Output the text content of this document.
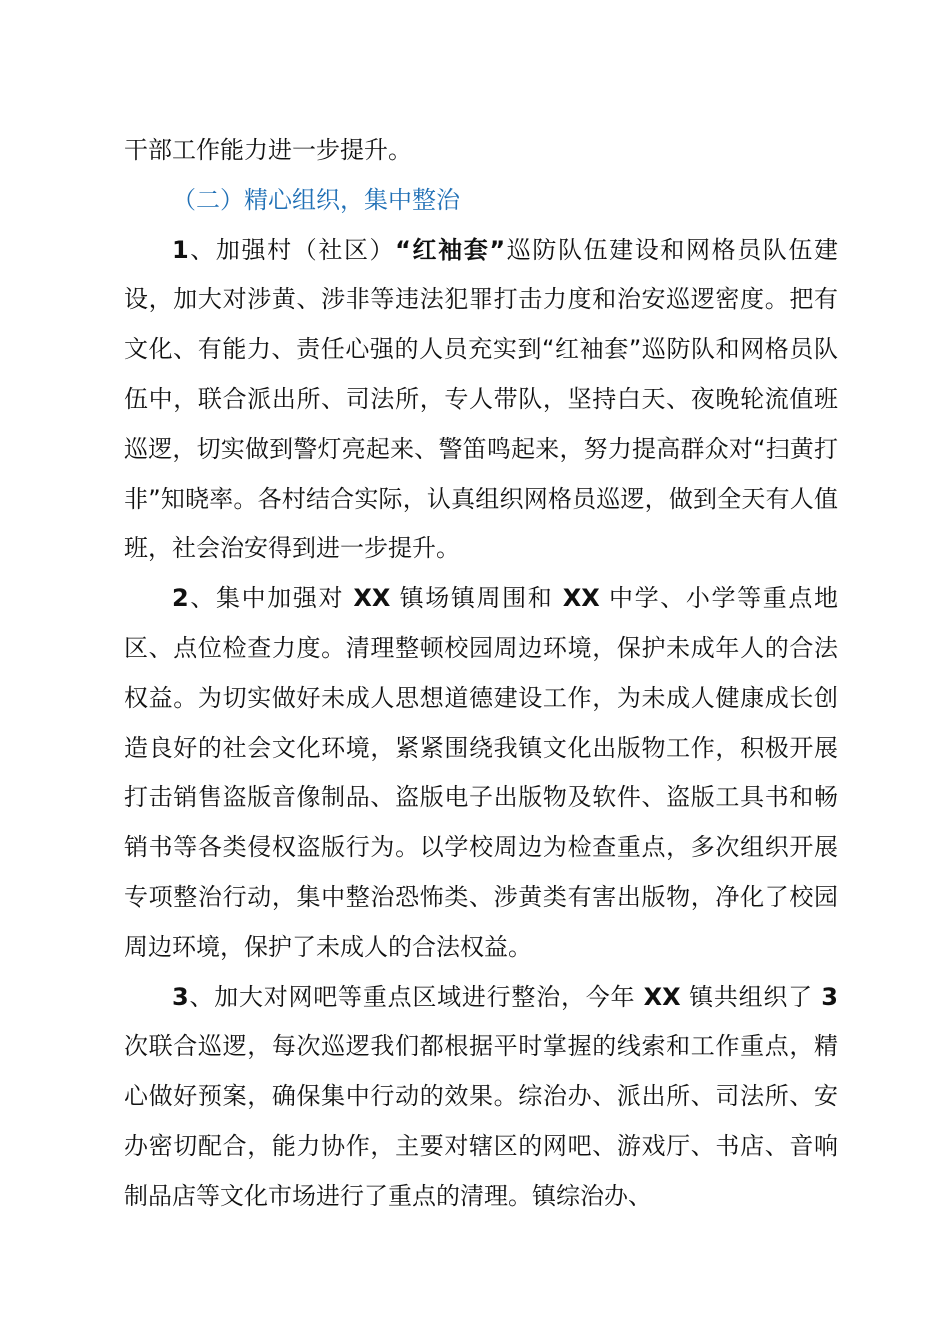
干部工作能力进一步提升。

（二）精心组织，集中整治

1、加强村（社区）“红袖套”巡防队伍建设和网格员队伍建设，加大对涉黄、涉非等违法犯罪打击力度和治安巡逻密度。把有文化、有能力、责任心强的人员充实到“红袖套”巡防队和网格员队伍中，联合派出所、司法所，专人带队，坚持白天、夜晚轮流值班巡逻，切实做到警灯亮起来、警笛鸣起来，努力提高群众对“扫黄打非”知晓率。各村结合实际，认真组织网格员巡逻，做到全天有人值班，社会治安得到进一步提升。

2、集中加强对 XX 镇场镇周围和 XX 中学、小学等重点地区、点位检查力度。清理整顿校园周边环境，保护未成年人的合法权益。为切实做好未成人思想道德建设工作，为未成人健康成长创造良好的社会文化环境，紧紧围绕我镇文化出版物工作，积极开展打击销售盗版音像制品、盗版电子出版物及软件、盗版工具书和畅销书等各类侵权盗版行为。以学校周边为检查重点，多次组织开展专项整治行动，集中整治恐怖类、涉黄类有害出版物，净化了校园周边环境，保护了未成人的合法权益。

3、加大对网吧等重点区域进行整治，今年 XX 镇共组织了 3 次联合巡逻，每次巡逻我们都根据平时掌握的线索和工作重点，精心做好预案，确保集中行动的效果。综治办、派出所、司法所、安办密切配合，能力协作，主要对辖区的网吧、游戏厅、书店、音响制品店等文化市场进行了重点的清理。镇综治办、
